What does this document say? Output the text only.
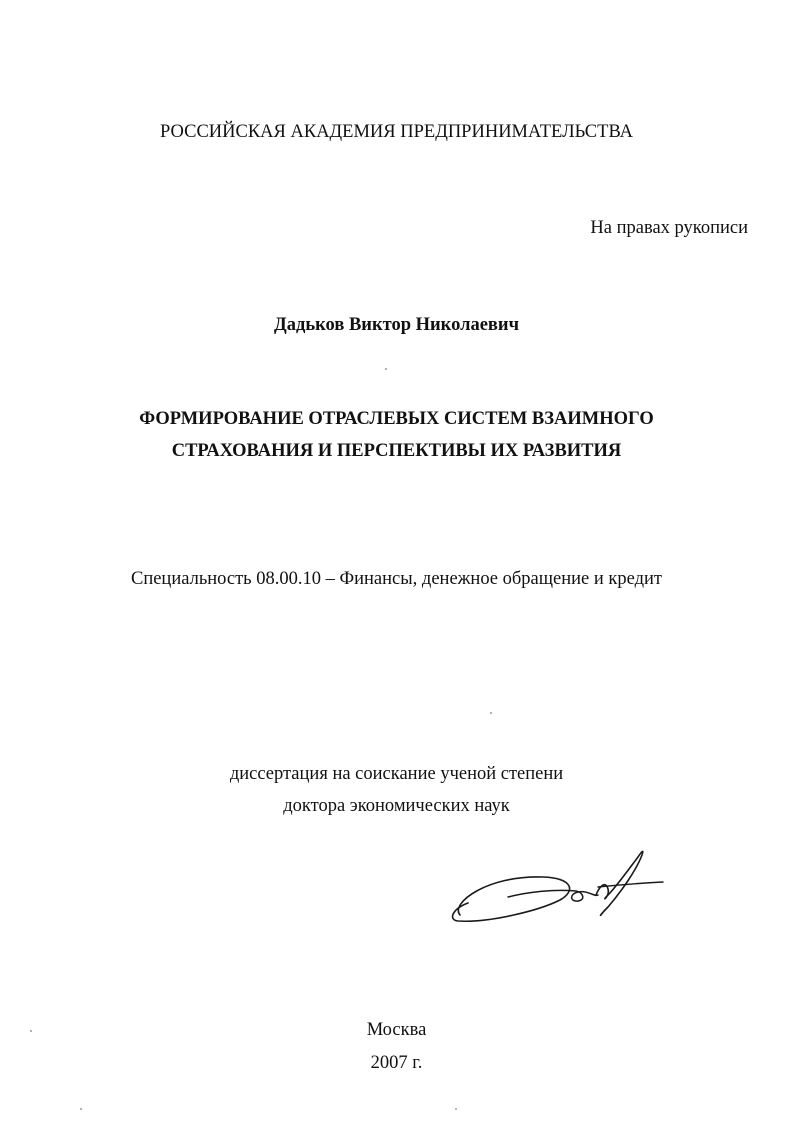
РОССИЙСКАЯ АКАДЕМИЯ ПРЕДПРИНИМАТЕЛЬСТВА
На правах рукописи
Дадьков Виктор Николаевич
ФОРМИРОВАНИЕ ОТРАСЛЕВЫХ СИСТЕМ ВЗАИМНОГО
СТРАХОВАНИЯ И ПЕРСПЕКТИВЫ ИХ РАЗВИТИЯ
Специальность 08.00.10 – Финансы, денежное обращение и кредит
диссертация на соискание ученой степени
доктора экономических наук
Москва
2007 г.
